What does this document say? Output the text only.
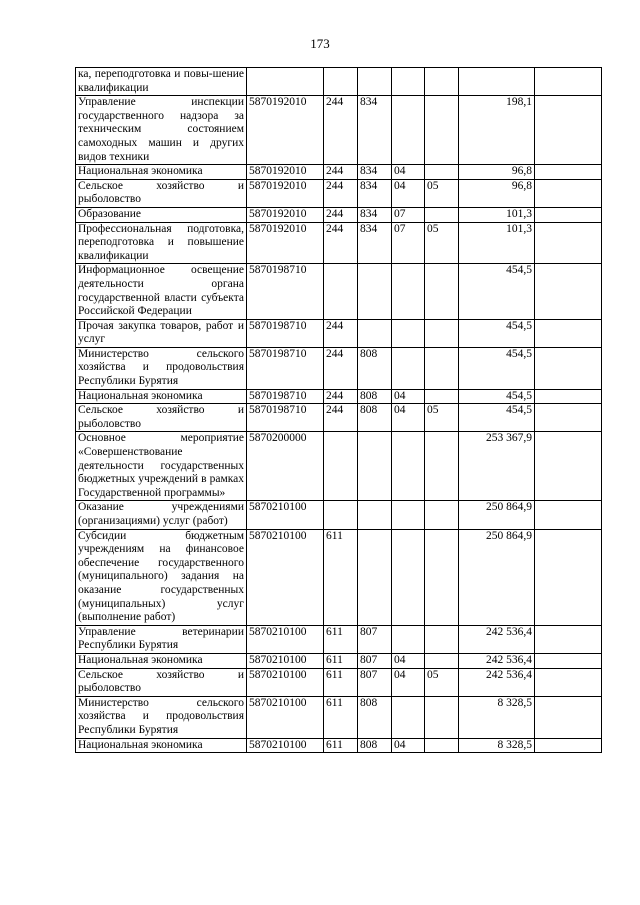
173
ка, переподготовка и повы-шение квалификации							
Управление инспекции государственного надзора за техническим состоянием самоходных машин и других видов техники	5870192010	244	834			198,1	
Национальная экономика	5870192010	244	834	04		96,8	
Сельское хозяйство и рыболовство	5870192010	244	834	04	05	96,8	
Образование	5870192010	244	834	07		101,3	
Профессиональная подготовка, переподготовка и повышение квалификации	5870192010	244	834	07	05	101,3	
Информационное освещение деятельности органа государственной власти субъекта Российской Федерации	5870198710					454,5	
Прочая закупка товаров, работ и услуг	5870198710	244				454,5	
Министерство сельского хозяйства и продовольствия Республики Бурятия	5870198710	244	808			454,5	
Национальная экономика	5870198710	244	808	04		454,5	
Сельское хозяйство и рыболовство	5870198710	244	808	04	05	454,5	
Основное мероприятие «Совершенствование деятельности государственных бюджетных учреждений в рамках Государственной программы»	5870200000					253 367,9	
Оказание учреждениями (организациями) услуг (работ)	5870210100					250 864,9	
Субсидии бюджетным учреждениям на финансовое обеспечение государственного (муниципального) задания на оказание государственных (муниципальных) услуг (выполнение работ)	5870210100	611				250 864,9	
Управление ветеринарии Республики Бурятия	5870210100	611	807			242 536,4	
Национальная экономика	5870210100	611	807	04		242 536,4	
Сельское хозяйство и рыболовство	5870210100	611	807	04	05	242 536,4	
Министерство сельского хозяйства и продовольствия Республики Бурятия	5870210100	611	808			8 328,5	
Национальная экономика	5870210100	611	808	04		8 328,5	
